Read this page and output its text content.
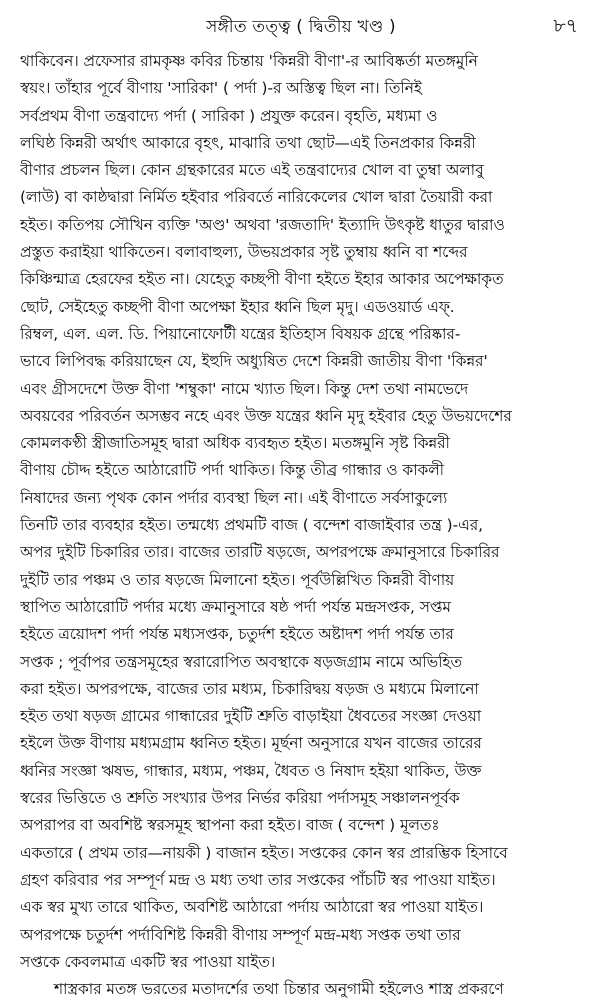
সঙ্গীত তত্ত্ব ( দ্বিতীয় খণ্ড )	৮৭
থাকিবেন। প্রফেসার রামকৃষ্ণ কবির চিন্তায় 'কিন্নরী বীণা'-র আবিষ্কর্তা মতঙ্গমুনি
স্বয়ং। তাঁহার পূর্বে বীণায় 'সারিকা' ( পর্দা )-র অস্তিত্ব ছিল না। তিনিই
সর্বপ্রথম বীণা তন্ত্রবাদ্যে পর্দা ( সারিকা ) প্রযুক্ত করেন। বৃহতি, মধ্যমা ও
লঘিষ্ঠ কিন্নরী অর্থাৎ আকারে বৃহৎ, মাঝারি তথা ছোট—এই তিনপ্রকার কিন্নরী
বীণার প্রচলন ছিল। কোন গ্রন্থকারের মতে এই তন্ত্রবাদ্যের খোল বা তুম্বা অলাবু
(লাউ) বা কাষ্ঠদ্বারা নির্মিত হইবার পরিবর্তে নারিকেলের খোল দ্বারা তৈয়ারী করা
হইত। কতিপয় সৌখিন ব্যক্তি 'অণ্ড' অথবা 'রজতাদি' ইত্যাদি উৎকৃষ্ট ধাতুর দ্বারাও
প্রস্তুত করাইয়া থাকিতেন। বলাবাহুল্য, উভয়প্রকার সৃষ্ট তুম্বায় ধ্বনি বা শব্দের
কিঞ্চিন্মাত্র হেরফের হইত না। যেহেতু কচ্ছপী বীণা হইতে ইহার আকার অপেক্ষাকৃত
ছোট, সেইহেতু কচ্ছপী বীণা অপেক্ষা ইহার ধ্বনি ছিল মৃদু। এডওয়ার্ড এফ্.
রিম্বল, এল. এল. ডি. পিয়ানোফোর্টী যন্ত্রের ইতিহাস বিষয়ক গ্রন্থে পরিষ্কার-
ভাবে লিপিবদ্ধ করিয়াছেন যে, ইহুদি অধ্যুষিত দেশে কিন্নরী জাতীয় বীণা 'কিন্নর'
এবং গ্রীসদেশে উক্ত বীণা 'শম্বুকা' নামে খ্যাত ছিল। কিন্তু দেশ তথা নামভেদে
অবয়বের পরিবর্তন অসম্ভব নহে এবং উক্ত যন্ত্রের ধ্বনি মৃদু হইবার হেতু উভয়দেশের
কোমলকণ্ঠী স্ত্রীজাতিসমূহ দ্বারা অধিক ব্যবহৃত হইত। মতঙ্গমুনি সৃষ্ট কিন্নরী
বীণায় চৌদ্দ হইতে আঠারোটি পর্দা থাকিত। কিন্তু তীব্র গান্ধার ও কাকলী
নিষাদের জন্য পৃথক কোন পর্দার ব্যবস্থা ছিল না। এই বীণাতে সর্বসাকুল্যে
তিনটি তার ব্যবহার হইত। তন্মধ্যে প্রথমটি বাজ ( বন্দেশ বাজাইবার তন্ত্র )-এর,
অপর দুইটি চিকারির তার। বাজের তারটি ষড়জে, অপরপক্ষে ক্রমানুসারে চিকারির
দুইটি তার পঞ্চম ও তার ষড়জে মিলানো হইত। পূর্বউল্লিখিত কিন্নরী বীণায়
স্থাপিত আঠারোটি পর্দার মধ্যে ক্রমানুসারে ষষ্ঠ পর্দা পর্যন্ত মন্দ্রসপ্তক, সপ্তম
হইতে ত্রয়োদশ পর্দা পর্যন্ত মধ্যসপ্তক, চতুর্দশ হইতে অষ্টাদশ পর্দা পর্যন্ত তার
সপ্তক ; পূর্বাপর তন্ত্রসমূহের স্বরারোপিত অবস্থাকে ষড়জগ্রাম নামে অভিহিত
করা হইত। অপরপক্ষে, বাজের তার মধ্যম, চিকারিদ্বয় ষড়জ ও মধ্যমে মিলানো
হইত তথা ষড়জ গ্রামের গান্ধারের দুইটি শ্রুতি বাড়াইয়া ধৈবতের সংজ্ঞা দেওয়া
হইলে উক্ত বীণায় মধ্যমগ্রাম ধ্বনিত হইত। মূর্ছনা অনুসারে যখন বাজের তারের
ধ্বনির সংজ্ঞা ঋষভ, গান্ধার, মধ্যম, পঞ্চম, ধৈবত ও নিষাদ হইয়া থাকিত, উক্ত
স্বরের ভিত্তিতে ও শ্রুতি সংখ্যার উপর নির্ভর করিয়া পর্দাসমূহ সঞ্চালনপূর্বক
অপরাপর বা অবশিষ্ট স্বরসমূহ স্থাপনা করা হইত। বাজ ( বন্দেশ ) মূলতঃ
একতারে ( প্রথম তার—নায়কী ) বাজান হইত। সপ্তকের কোন স্বর প্রারম্ভিক হিসাবে
গ্রহণ করিবার পর সম্পূর্ণ মন্দ্র ও মধ্য তথা তার সপ্তকের পাঁচটি স্বর পাওয়া যাইত।
এক স্বর মুখ্য তারে থাকিত, অবশিষ্ট আঠারো পর্দায় আঠারো স্বর পাওয়া যাইত।
অপরপক্ষে চতুর্দশ পর্দাবিশিষ্ট কিন্নরী বীণায় সম্পূর্ণ মন্দ্র-মধ্য সপ্তক তথা তার
সপ্তকে কেবলমাত্র একটি স্বর পাওয়া যাইত।
শাস্ত্রকার মতঙ্গ ভরতের মতাদর্শের তথা চিন্তার অনুগামী হইলেও শাস্ত্র প্রকরণে
